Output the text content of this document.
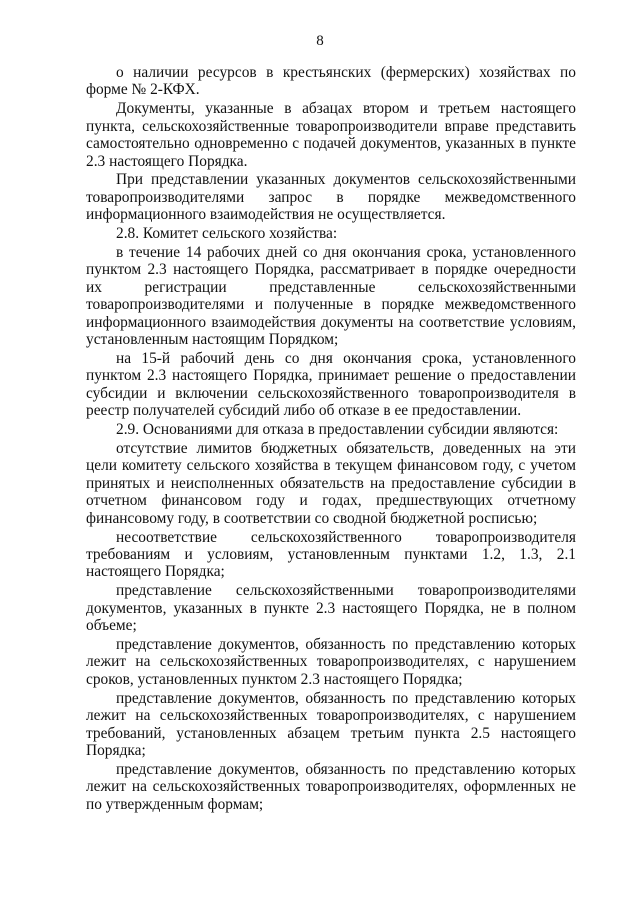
8

о наличии ресурсов в крестьянских (фермерских) хозяйствах по форме № 2-КФХ.

Документы, указанные в абзацах втором и третьем настоящего пункта, сельскохозяйственные товаропроизводители вправе представить самостоятельно одновременно с подачей документов, указанных в пункте 2.3 настоящего Порядка.

При представлении указанных документов сельскохозяйственными товаропроизводителями запрос в порядке межведомственного информационного взаимодействия не осуществляется.

2.8. Комитет сельского хозяйства:

в течение 14 рабочих дней со дня окончания срока, установленного пунктом 2.3 настоящего Порядка, рассматривает в порядке очередности их регистрации представленные сельскохозяйственными товаропроизводителями и полученные в порядке межведомственного информационного взаимодействия документы на соответствие условиям, установленным настоящим Порядком;

на 15-й рабочий день со дня окончания срока, установленного пунктом 2.3 настоящего Порядка, принимает решение о предоставлении субсидии и включении сельскохозяйственного товаропроизводителя в реестр получателей субсидий либо об отказе в ее предоставлении.

2.9. Основаниями для отказа в предоставлении субсидии являются:

отсутствие лимитов бюджетных обязательств, доведенных на эти цели комитету сельского хозяйства в текущем финансовом году, с учетом принятых и неисполненных обязательств на предоставление субсидии в отчетном финансовом году и годах, предшествующих отчетному финансовому году, в соответствии со сводной бюджетной росписью;

несоответствие сельскохозяйственного товаропроизводителя требованиям и условиям, установленным пунктами 1.2, 1.3, 2.1 настоящего Порядка;

представление сельскохозяйственными товаропроизводителями документов, указанных в пункте 2.3 настоящего Порядка, не в полном объеме;

представление документов, обязанность по представлению которых лежит на сельскохозяйственных товаропроизводителях, с нарушением сроков, установленных пунктом 2.3 настоящего Порядка;

представление документов, обязанность по представлению которых лежит на сельскохозяйственных товаропроизводителях, с нарушением требований, установленных абзацем третьим пункта 2.5 настоящего Порядка;

представление документов, обязанность по представлению которых лежит на сельскохозяйственных товаропроизводителях, оформленных не по утвержденным формам;
